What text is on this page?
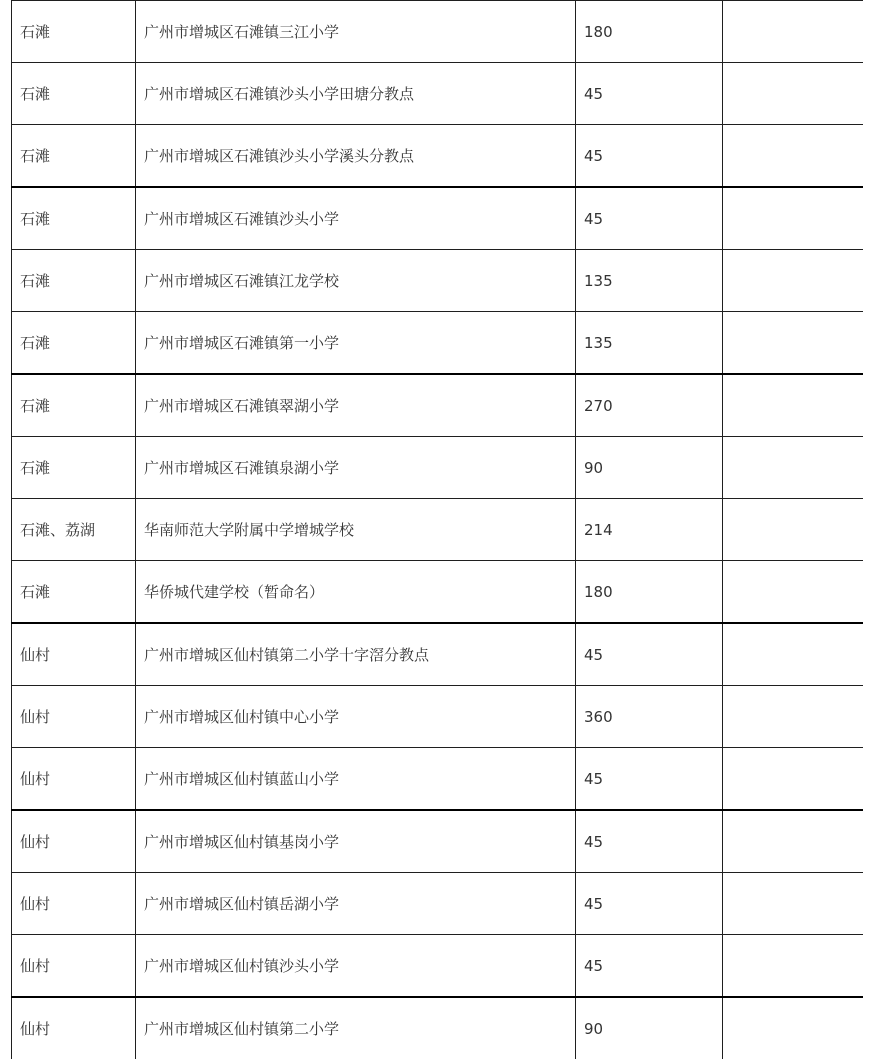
石滩	广州市增城区石滩镇三江小学	180	
石滩	广州市增城区石滩镇沙头小学田塘分教点	45	
石滩	广州市增城区石滩镇沙头小学溪头分教点	45	
石滩	广州市增城区石滩镇沙头小学	45	
石滩	广州市增城区石滩镇江龙学校	135	
石滩	广州市增城区石滩镇第一小学	135	
石滩	广州市增城区石滩镇翠湖小学	270	
石滩	广州市增城区石滩镇泉湖小学	90	
石滩、荔湖	华南师范大学附属中学增城学校	214	
石滩	华侨城代建学校（暂命名）	180	
仙村	广州市增城区仙村镇第二小学十字滘分教点	45	
仙村	广州市增城区仙村镇中心小学	360	
仙村	广州市增城区仙村镇蓝山小学	45	
仙村	广州市增城区仙村镇基岗小学	45	
仙村	广州市增城区仙村镇岳湖小学	45	
仙村	广州市增城区仙村镇沙头小学	45	
仙村	广州市增城区仙村镇第二小学	90	
